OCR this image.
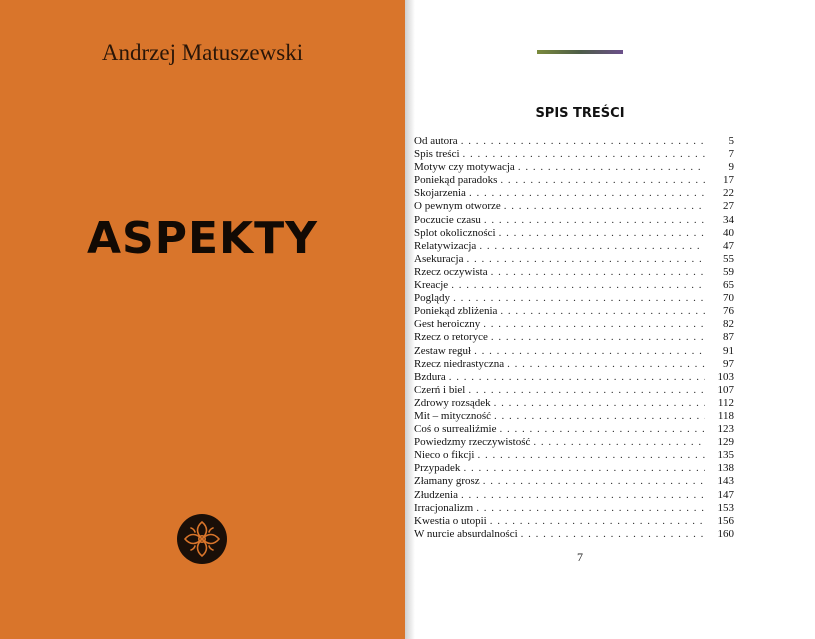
Andrzej Matuszewski
ASPEKTY
SPIS TREŚCI
Od autora . . .	5
Spis treści . . .	7
Motyw czy motywacja . . .	9
Poniekąd paradoks . . .	17
Skojarzenia . . .	22
O pewnym otworze . . .	27
Poczucie czasu . . .	34
Splot okoliczności . . .	40
Relatywizacja . . .	47
Asekuracja . . .	55
Rzecz oczywista . . .	59
Kreacje . . .	65
Poglądy . . .	70
Poniekąd zbliżenia . . .	76
Gest heroiczny . . .	82
Rzecz o retoryce . . .	87
Zestaw reguł . . .	91
Rzecz niedrastyczna . . .	97
Bzdura . . .	103
Czerń i biel . . .	107
Zdrowy rozsądek . . .	112
Mit – mityczność . . .	118
Coś o surrealiźmie . . .	123
Powiedzmy rzeczywistość . . .	129
Nieco o fikcji . . .	135
Przypadek . . .	138
Złamany grosz . . .	143
Złudzenia . . .	147
Irracjonalizm . . .	153
Kwestia o utopii . . .	156
W nurcie absurdalności . . .	160
7
